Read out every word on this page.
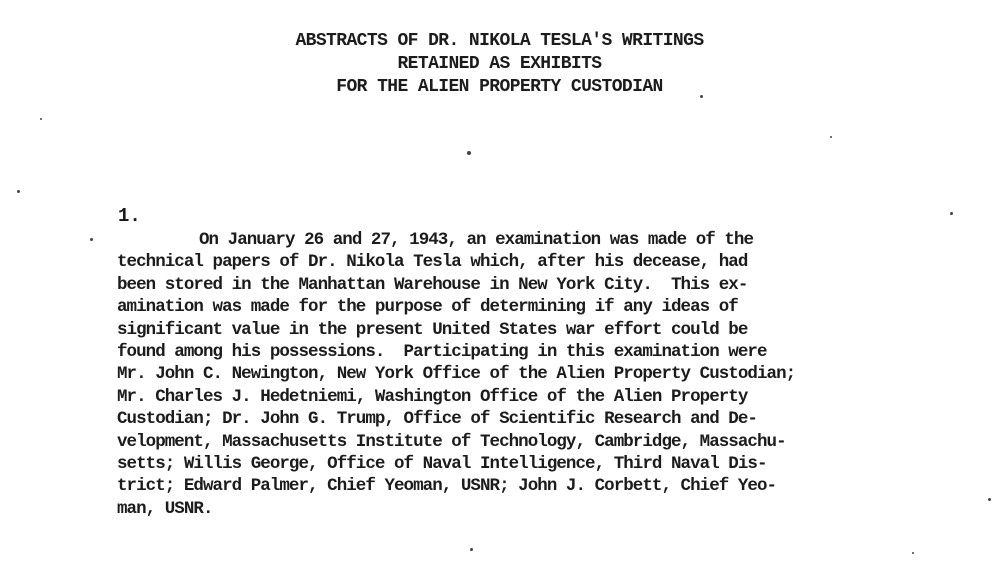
ABSTRACTS OF DR. NIKOLA TESLA'S WRITINGS
RETAINED AS EXHIBITS
FOR THE ALIEN PROPERTY CUSTODIAN
1.
On January 26 and 27, 1943, an examination was made of the
technical papers of Dr. Nikola Tesla which, after his decease, had
been stored in the Manhattan Warehouse in New York City.  This ex-
amination was made for the purpose of determining if any ideas of
significant value in the present United States war effort could be
found among his possessions.  Participating in this examination were
Mr. John C. Newington, New York Office of the Alien Property Custodian;
Mr. Charles J. Hedetniemi, Washington Office of the Alien Property
Custodian; Dr. John G. Trump, Office of Scientific Research and De-
velopment, Massachusetts Institute of Technology, Cambridge, Massachu-
setts; Willis George, Office of Naval Intelligence, Third Naval Dis-
trict; Edward Palmer, Chief Yeoman, USNR; John J. Corbett, Chief Yeo-
man, USNR.
